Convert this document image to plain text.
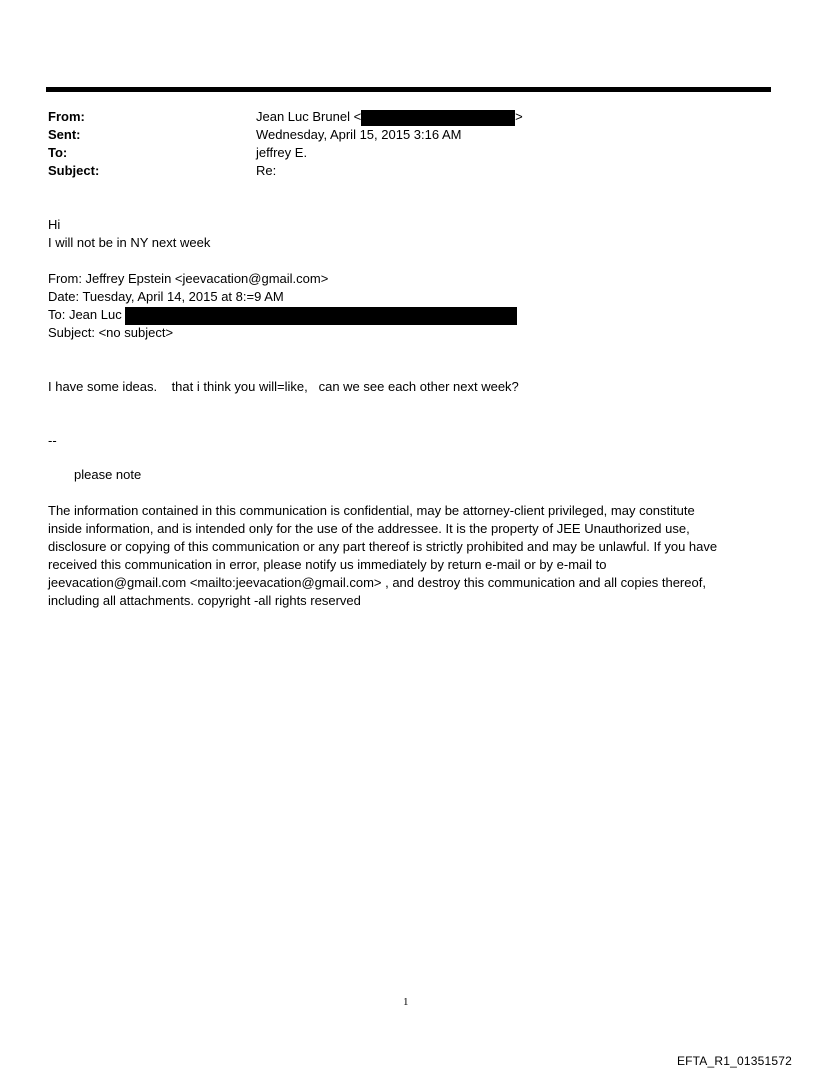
From:	Jean Luc Brunel <	>
Sent:	Wednesday, April 15, 2015 3:16 AM
To:	jeffrey E.
Subject:	Re:
Hi
I will not be in NY next week
From: Jeffrey Epstein <jeevacation@gmail.com>
Date: Tuesday, April 14, 2015 at 8:=9 AM
To: Jean Luc
Subject: <no subject>
I have some ideas.    that i think you will=like,   can we see each other next week?
--
please note
The information contained in this communication is confidential, may be attorney-client privileged, may constitute
inside information, and is intended only for the use of the addressee. It is the property of JEE Unauthorized use,
disclosure or copying of this communication or any part thereof is strictly prohibited and may be unlawful. If you have
received this communication in error, please notify us immediately by return e-mail or by e-mail to
jeevacation@gmail.com <mailto:jeevacation@gmail.com> , and destroy this communication and all copies thereof,
including all attachments. copyright -all rights reserved
1
EFTA_R1_01351572
